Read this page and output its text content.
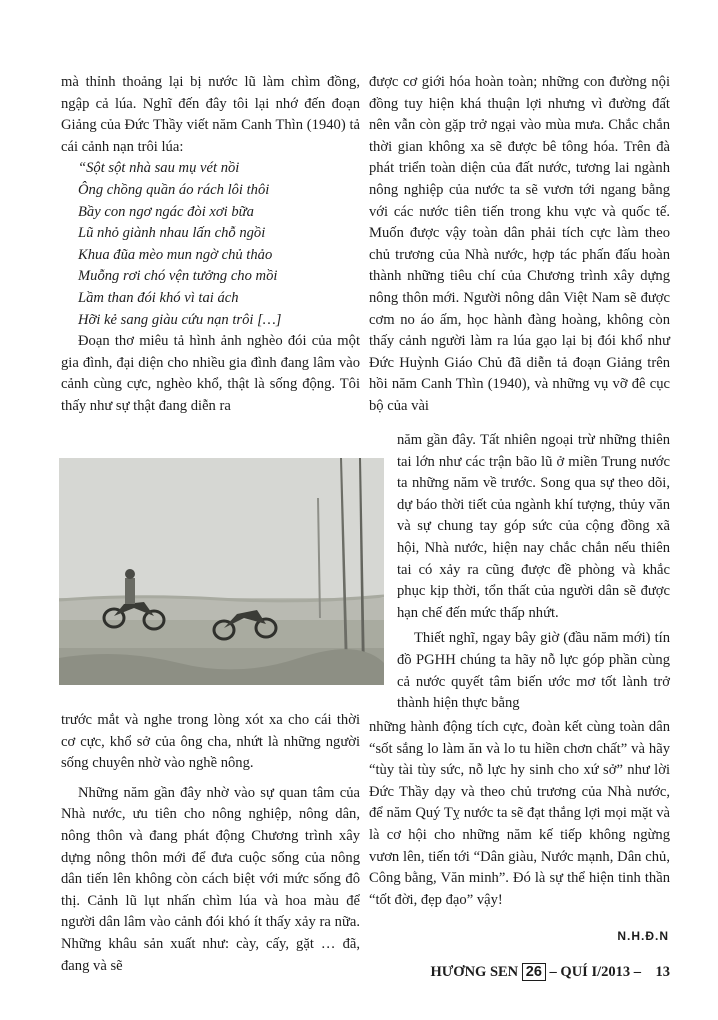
mà thỉnh thoảng lại bị nước lũ làm chìm đồng, ngập cả lúa. Nghĩ đến đây tôi lại nhớ đến đoạn Giảng của Đức Thầy viết năm Canh Thìn (1940) tả cái cảnh nạn trôi lúa:

“Sột sột nhà sau mụ vét nồi

Ông chồng quần áo rách lôi thôi

Bầy con ngơ ngác đòi xơi bữa

Lũ nhỏ giành nhau lấn chỗ ngồi

Khua đũa mèo mun ngờ chủ thảo

Muỗng rơi chó vện tưởng cho mồi

Lầm than đói khó vì tai ách

Hỡi kẻ sang giàu cứu nạn trôi […]

Đoạn thơ miêu tả hình ảnh nghèo đói của một gia đình, đại diện cho nhiều gia đình đang lâm vào cảnh cùng cực, nghèo khổ, thật là sống động. Tôi thấy như sự thật đang diễn ra

trước mắt và nghe trong lòng xót xa cho cái thời cơ cực, khổ sở của ông cha, nhứt là những người sống chuyên nhờ vào nghề nông.

Những năm gần đây nhờ vào sự quan tâm của Nhà nước, ưu tiên cho nông nghiệp, nông dân, nông thôn và đang phát động Chương trình xây dựng nông thôn mới để đưa cuộc sống của nông dân tiến lên không còn cách biệt với mức sống đô thị. Cảnh lũ lụt nhấn chìm lúa và hoa màu để người dân lâm vào cảnh đói khó ít thấy xảy ra nữa. Những khâu sản xuất như: cày, cấy, gặt … đã, đang và sẽ

được cơ giới hóa hoàn toàn; những con đường nội đồng tuy hiện khá thuận lợi nhưng vì đường đất nên vẫn còn gặp trở ngại vào mùa mưa. Chắc chắn thời gian không xa sẽ được bê tông hóa. Trên đà phát triển toàn diện của đất nước, tương lai ngành nông nghiệp của nước ta sẽ vươn tới ngang bằng với các nước tiên tiến trong khu vực và quốc tế. Muốn được vậy toàn dân phải tích cực làm theo chủ trương của Nhà nước, hợp tác phấn đấu hoàn thành những tiêu chí của Chương trình xây dựng nông thôn mới. Người nông dân Việt Nam sẽ được cơm no áo ấm, học hành đàng hoàng, không còn thấy cảnh người làm ra lúa gạo lại bị đói khổ như Đức Huỳnh Giáo Chủ đã diễn tả đoạn Giảng trên hồi năm Canh Thìn (1940), và những vụ vỡ đê cục bộ của vài

năm gần đây. Tất nhiên ngoại trừ những thiên tai lớn như các trận bão lũ ở miền Trung nước ta những năm về trước. Song qua sự theo dõi, dự báo thời tiết của ngành khí tượng, thủy văn và sự chung tay góp sức của cộng đồng xã hội, Nhà nước, hiện nay chắc chắn nếu thiên tai có xảy ra cũng được đề phòng và khắc phục kịp thời, tổn thất của người dân sẽ được hạn chế đến mức thấp nhứt.

Thiết nghĩ, ngay bây giờ (đầu năm mới) tín đồ PGHH chúng ta hãy nỗ lực góp phần cùng cả nước quyết tâm biến ước mơ tốt lành trở thành hiện thực bằng

những hành động tích cực, đoàn kết cùng toàn dân “sốt sắng lo làm ăn và lo tu hiền chơn chất” và hãy “tùy tài tùy sức, nỗ lực hy sinh cho xứ sở” như lời Đức Thầy dạy và theo chủ trương của Nhà nước, để năm Quý Tỵ nước ta sẽ đạt thắng lợi mọi mặt và là cơ hội cho những năm kế tiếp không ngừng vươn lên, tiến tới “Dân giàu, Nước mạnh, Dân chủ, Công bằng, Văn minh”. Đó là sự thể hiện tinh thần “tốt đời, đẹp đạo” vậy!

N.H.Đ.N
HƯƠNG SEN 26 – QUÍ I/2013 – 13
